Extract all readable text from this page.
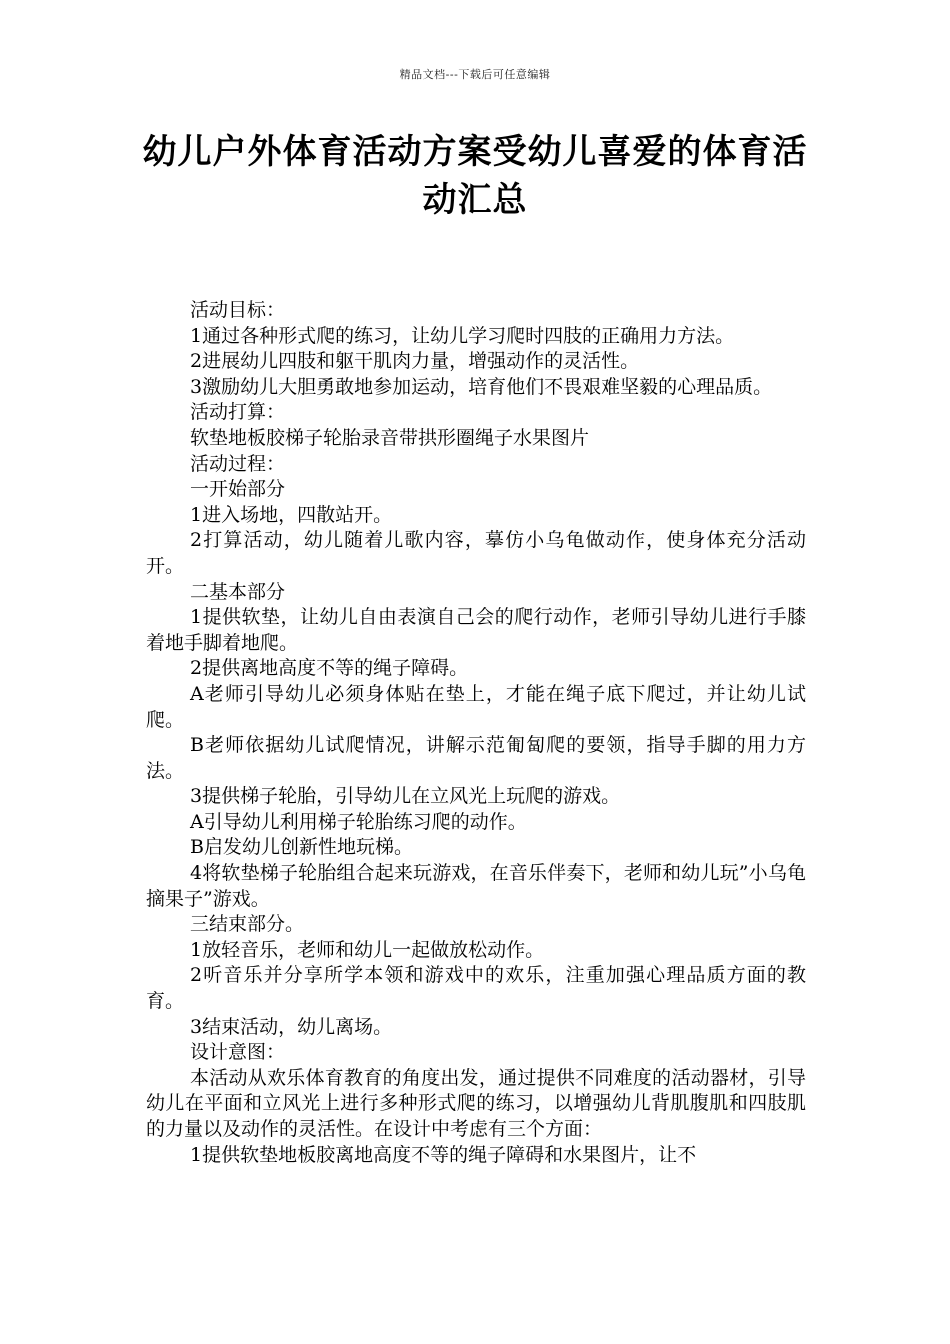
精品文档---下载后可任意编辑
幼儿户外体育活动方案受幼儿喜爱的体育活动汇总

活动目标：

1通过各种形式爬的练习，让幼儿学习爬时四肢的正确用力方法。

2进展幼儿四肢和躯干肌肉力量，增强动作的灵活性。

3激励幼儿大胆勇敢地参加运动，培育他们不畏艰难坚毅的心理品质。

活动打算：

软垫地板胶梯子轮胎录音带拱形圈绳子水果图片

活动过程：

一开始部分

1进入场地，四散站开。

2打算活动，幼儿随着儿歌内容，摹仿小乌龟做动作，使身体充分活动开。

二基本部分

1提供软垫，让幼儿自由表演自己会的爬行动作，老师引导幼儿进行手膝着地手脚着地爬。

2提供离地高度不等的绳子障碍。

A老师引导幼儿必须身体贴在垫上，才能在绳子底下爬过，并让幼儿试爬。

B老师依据幼儿试爬情况，讲解示范匍匐爬的要领，指导手脚的用力方法。

3提供梯子轮胎，引导幼儿在立风光上玩爬的游戏。

A引导幼儿利用梯子轮胎练习爬的动作。

B启发幼儿创新性地玩梯。

4将软垫梯子轮胎组合起来玩游戏，在音乐伴奏下，老师和幼儿玩”小乌龟摘果子”游戏。

三结束部分。

1放轻音乐，老师和幼儿一起做放松动作。

2听音乐并分享所学本领和游戏中的欢乐，注重加强心理品质方面的教育。

3结束活动，幼儿离场。

设计意图：

本活动从欢乐体育教育的角度出发，通过提供不同难度的活动器材，引导幼儿在平面和立风光上进行多种形式爬的练习，以增强幼儿背肌腹肌和四肢肌的力量以及动作的灵活性。在设计中考虑有三个方面：

1提供软垫地板胶离地高度不等的绳子障碍和水果图片，让不
